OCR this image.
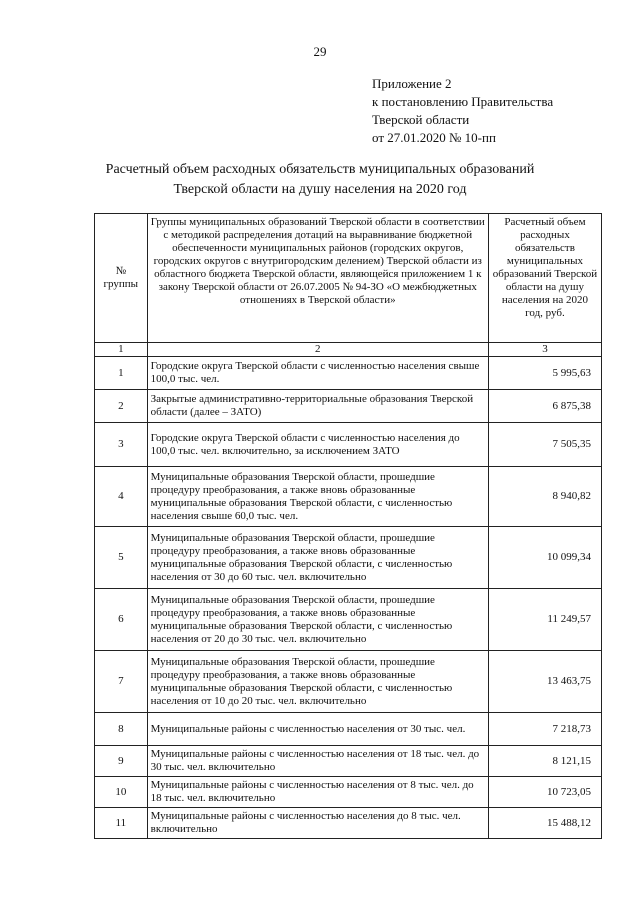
29
Приложение 2
к постановлению Правительства
Тверской области
от 27.01.2020 № 10-пп
Расчетный объем расходных обязательств муниципальных образований
Тверской области на душу населения на 2020 год
№ группы	Группы муниципальных образований Тверской области в соответствии с методикой распределения дотаций на выравнивание бюджетной обеспеченности муниципальных районов (городских округов, городских округов с внутригородским делением) Тверской области из областного бюджета Тверской области, являющейся приложением 1 к закону Тверской области от 26.07.2005 № 94-ЗО «О межбюджетных отношениях в Тверской области»	Расчетный объем расходных обязательств муниципальных образований Тверской области на душу населения на 2020 год, руб.
1	2	3
1	Городские округа Тверской области с численностью населения свыше 100,0 тыс. чел.	5 995,63
2	Закрытые административно-территориальные образования Тверской области (далее – ЗАТО)	6 875,38
3	Городские округа Тверской области с численностью населения до 100,0 тыс. чел. включительно, за исключением ЗАТО	7 505,35
4	Муниципальные образования Тверской области, прошедшие процедуру преобразования, а также вновь образованные муниципальные образования Тверской области, с численностью населения свыше 60,0 тыс. чел.	8 940,82
5	Муниципальные образования Тверской области, прошедшие процедуру преобразования, а также вновь образованные муниципальные образования Тверской области, с численностью населения от 30 до 60 тыс. чел. включительно	10 099,34
6	Муниципальные образования Тверской области, прошедшие процедуру преобразования, а также вновь образованные муниципальные образования Тверской области, с численностью населения от 20 до 30 тыс. чел. включительно	11 249,57
7	Муниципальные образования Тверской области, прошедшие процедуру преобразования, а также вновь образованные муниципальные образования Тверской области, с численностью населения от 10 до 20 тыс. чел. включительно	13 463,75
8	Муниципальные районы с численностью населения от 30 тыс. чел.	7 218,73
9	Муниципальные районы с численностью населения от 18 тыс. чел. до 30 тыс. чел. включительно	8 121,15
10	Муниципальные районы с численностью населения от 8 тыс. чел. до 18 тыс. чел. включительно	10 723,05
11	Муниципальные районы с численностью населения до 8 тыс. чел. включительно	15 488,12
